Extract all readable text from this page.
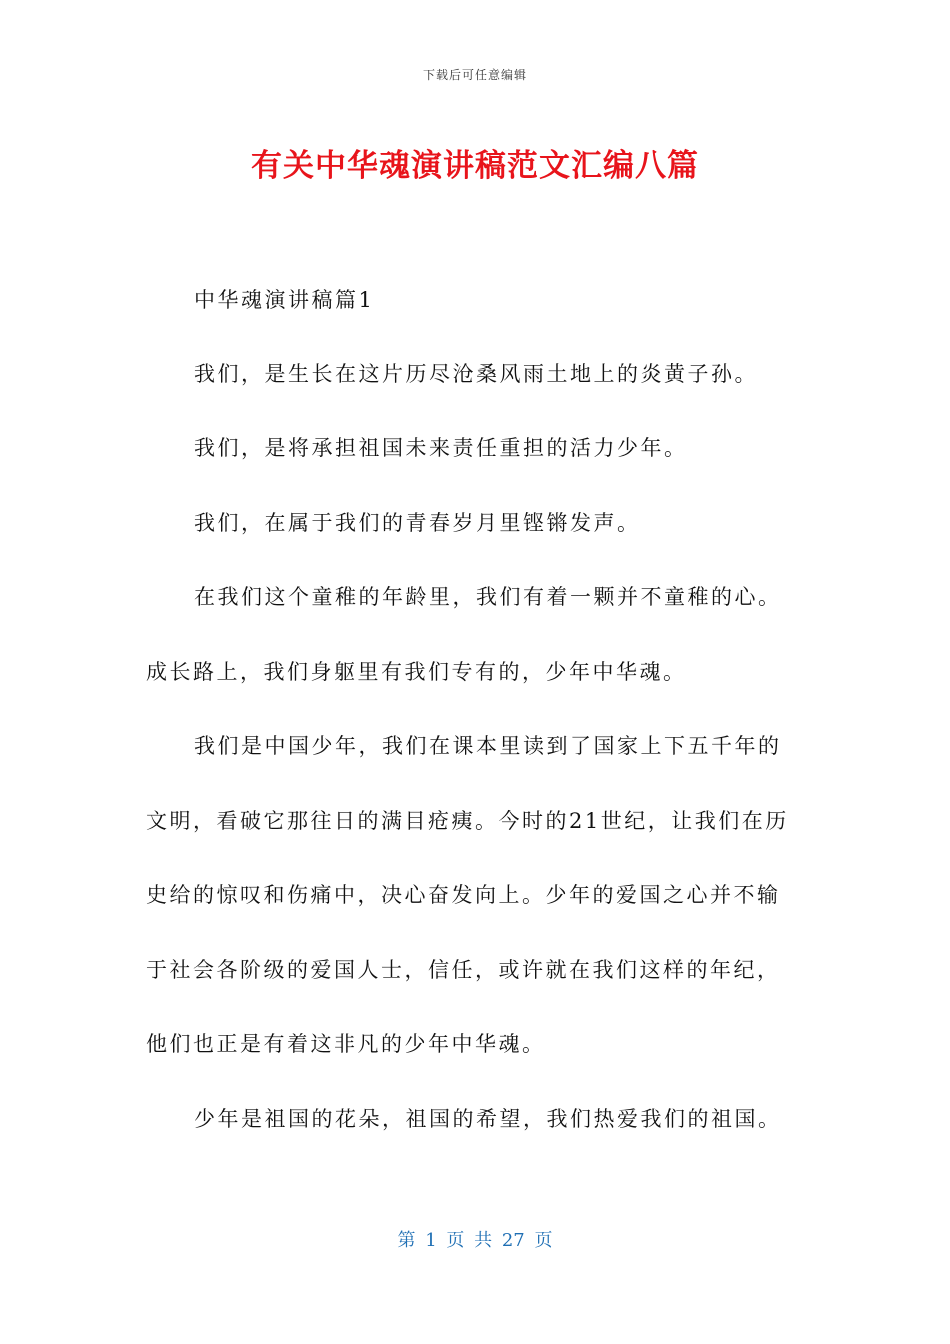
下载后可任意编辑
有关中华魂演讲稿范文汇编八篇
中华魂演讲稿篇1
我们，是生长在这片历尽沧桑风雨土地上的炎黄子孙。
我们，是将承担祖国未来责任重担的活力少年。
我们，在属于我们的青春岁月里铿锵发声。
在我们这个童稚的年龄里，我们有着一颗并不童稚的心。
成长路上，我们身躯里有我们专有的，少年中华魂。
我们是中国少年，我们在课本里读到了国家上下五千年的
文明，看破它那往日的满目疮痍。今时的21世纪，让我们在历
史给的惊叹和伤痛中，决心奋发向上。少年的爱国之心并不输
于社会各阶级的爱国人士，信任，或许就在我们这样的年纪，
他们也正是有着这非凡的少年中华魂。
少年是祖国的花朵，祖国的希望，我们热爱我们的祖国。
第 1 页 共 27 页
